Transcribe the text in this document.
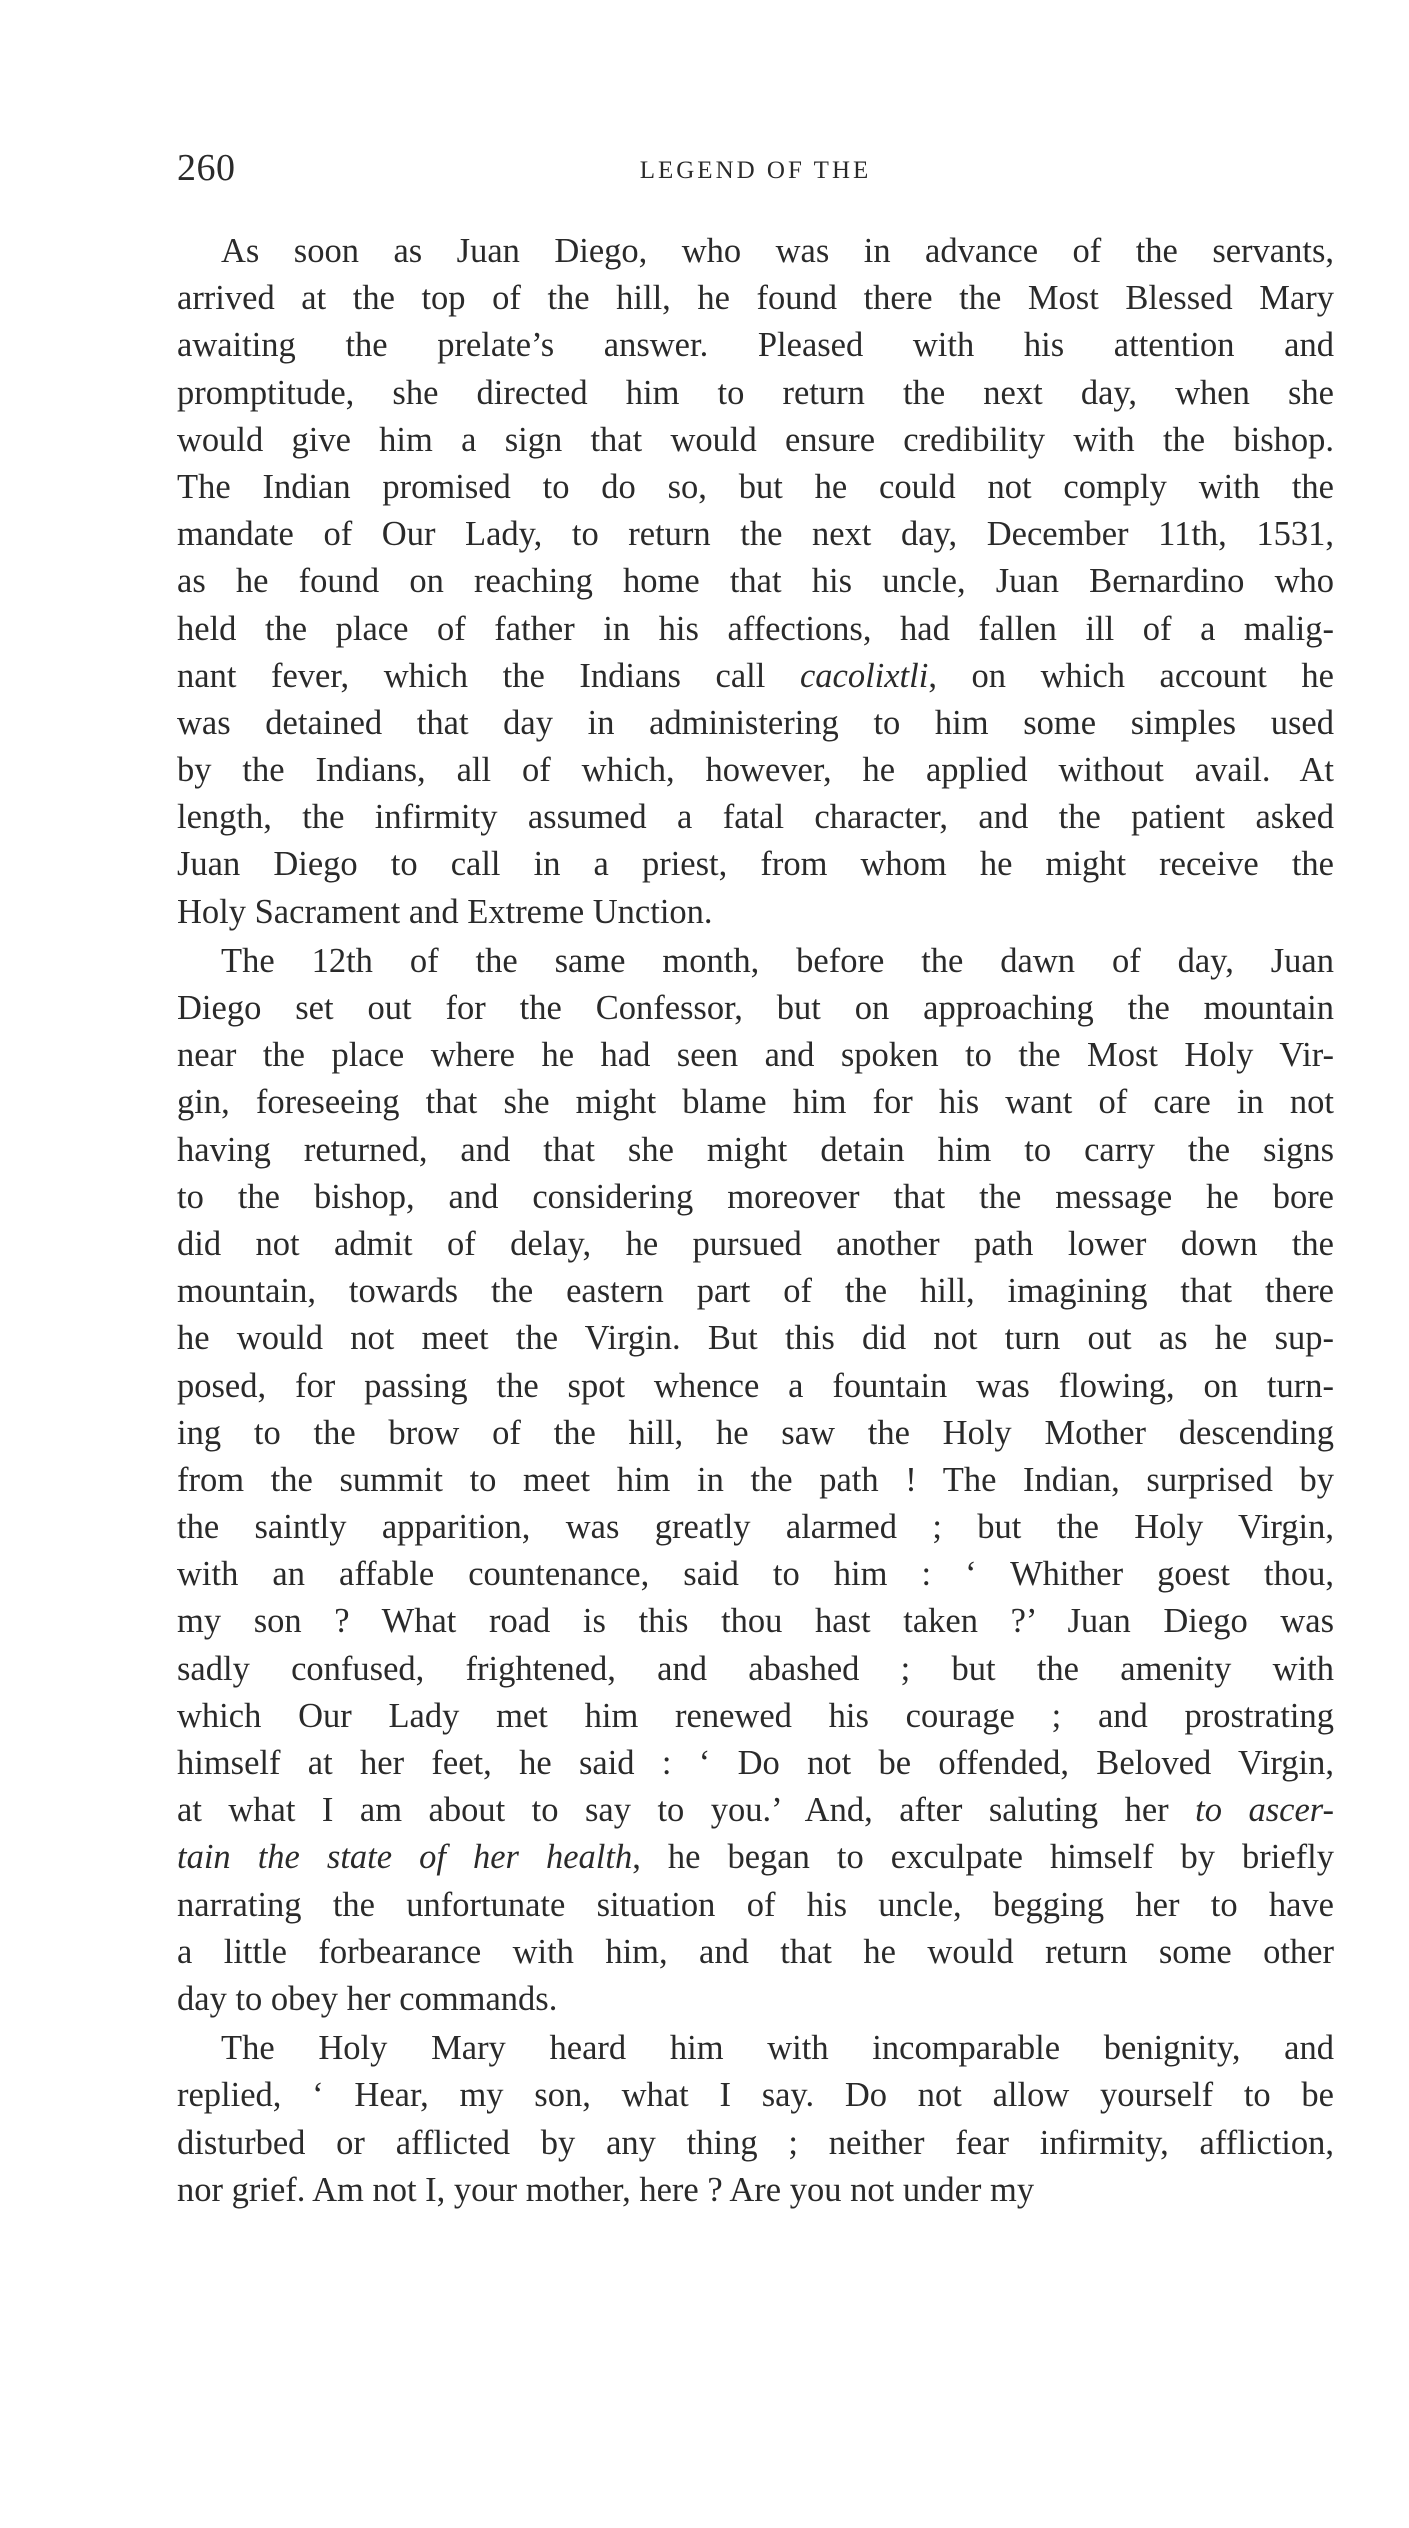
260	LEGEND OF THE
As soon as Juan Diego, who was in advance of the servants,
arrived at the top of the hill, he found there the Most Blessed Mary
awaiting the prelate’s answer. Pleased with his attention and
promptitude, she directed him to return the next day, when she
would give him a sign that would ensure credibility with the bishop.
The Indian promised to do so, but he could not comply with the
mandate of Our Lady, to return the next day, December 11th, 1531,
as he found on reaching home that his uncle, Juan Bernardino who
held the place of father in his affections, had fallen ill of a malig-
nant fever, which the Indians call cacolixtli, on which account he
was detained that day in administering to him some simples used
by the Indians, all of which, however, he applied without avail. At
length, the infirmity assumed a fatal character, and the patient asked
Juan Diego to call in a priest, from whom he might receive the
Holy Sacrament and Extreme Unction.
The 12th of the same month, before the dawn of day, Juan
Diego set out for the Confessor, but on approaching the mountain
near the place where he had seen and spoken to the Most Holy Vir-
gin, foreseeing that she might blame him for his want of care in not
having returned, and that she might detain him to carry the signs
to the bishop, and considering moreover that the message he bore
did not admit of delay, he pursued another path lower down the
mountain, towards the eastern part of the hill, imagining that there
he would not meet the Virgin. But this did not turn out as he sup-
posed, for passing the spot whence a fountain was flowing, on turn-
ing to the brow of the hill, he saw the Holy Mother descending
from the summit to meet him in the path ! The Indian, surprised by
the saintly apparition, was greatly alarmed ; but the Holy Virgin,
with an affable countenance, said to him : ‘ Whither goest thou,
my son ? What road is this thou hast taken ?’ Juan Diego was
sadly confused, frightened, and abashed ; but the amenity with
which Our Lady met him renewed his courage ; and prostrating
himself at her feet, he said : ‘ Do not be offended, Beloved Virgin,
at what I am about to say to you.’ And, after saluting her to ascer-
tain the state of her health, he began to exculpate himself by briefly
narrating the unfortunate situation of his uncle, begging her to have
a little forbearance with him, and that he would return some other
day to obey her commands.
The Holy Mary heard him with incomparable benignity, and
replied, ‘ Hear, my son, what I say. Do not allow yourself to be
disturbed or afflicted by any thing ; neither fear infirmity, affliction,
nor grief. Am not I, your mother, here ? Are you not under my
